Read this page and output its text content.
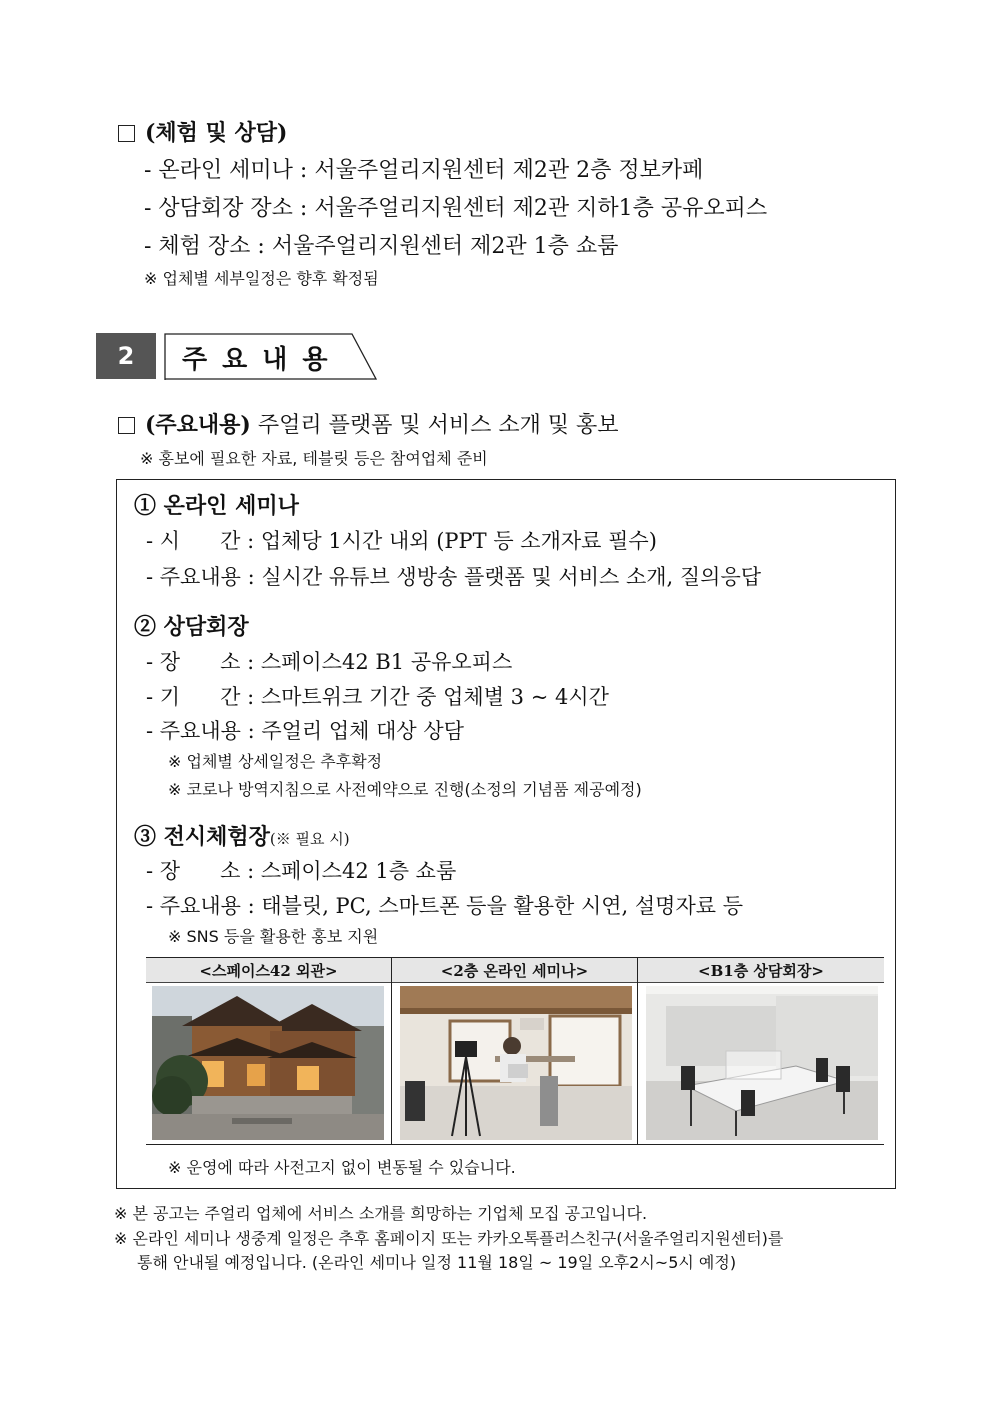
(체험 및 상담)
- 온라인 세미나 : 서울주얼리지원센터 제2관 2층 정보카페
- 상담회장 장소 : 서울주얼리지원센터 제2관 지하1층 공유오피스
- 체험 장소 : 서울주얼리지원센터 제2관 1층 쇼룸
※ 업체별 세부일정은 향후 확정됨
2	주요내용
(주요내용) 주얼리 플랫폼 및 서비스 소개 및 홍보
※ 홍보에 필요한 자료, 테블릿 등은 참여업체 준비
① 온라인 세미나
- 시      간 : 업체당 1시간 내외 (PPT 등 소개자료 필수)
- 주요내용 : 실시간 유튜브 생방송 플랫폼 및 서비스 소개, 질의응답
② 상담회장
- 장      소 : 스페이스42 B1 공유오피스
- 기      간 : 스마트위크 기간 중 업체별 3 ~ 4시간
- 주요내용 : 주얼리 업체 대상 상담
※ 업체별 상세일정은 추후확정
※ 코로나 방역지침으로 사전예약으로 진행(소정의 기념품 제공예정)
③ 전시체험장(※ 필요 시)
- 장      소 : 스페이스42 1층 쇼룸
- 주요내용 : 태블릿, PC, 스마트폰 등을 활용한 시연, 설명자료 등
※ SNS 등을 활용한 홍보 지원
<스페이스42 외관>	<2층 온라인 세미나>	<B1층 상담회장>
※ 운영에 따라 사전고지 없이 변동될 수 있습니다.
※ 본 공고는 주얼리 업체에 서비스 소개를 희망하는 기업체 모집 공고입니다.
※ 온라인 세미나 생중계 일정은 추후 홈페이지 또는 카카오톡플러스친구(서울주얼리지원센터)를
통해 안내될 예정입니다. (온라인 세미나 일정 11월 18일 ~ 19일 오후2시~5시 예정)
